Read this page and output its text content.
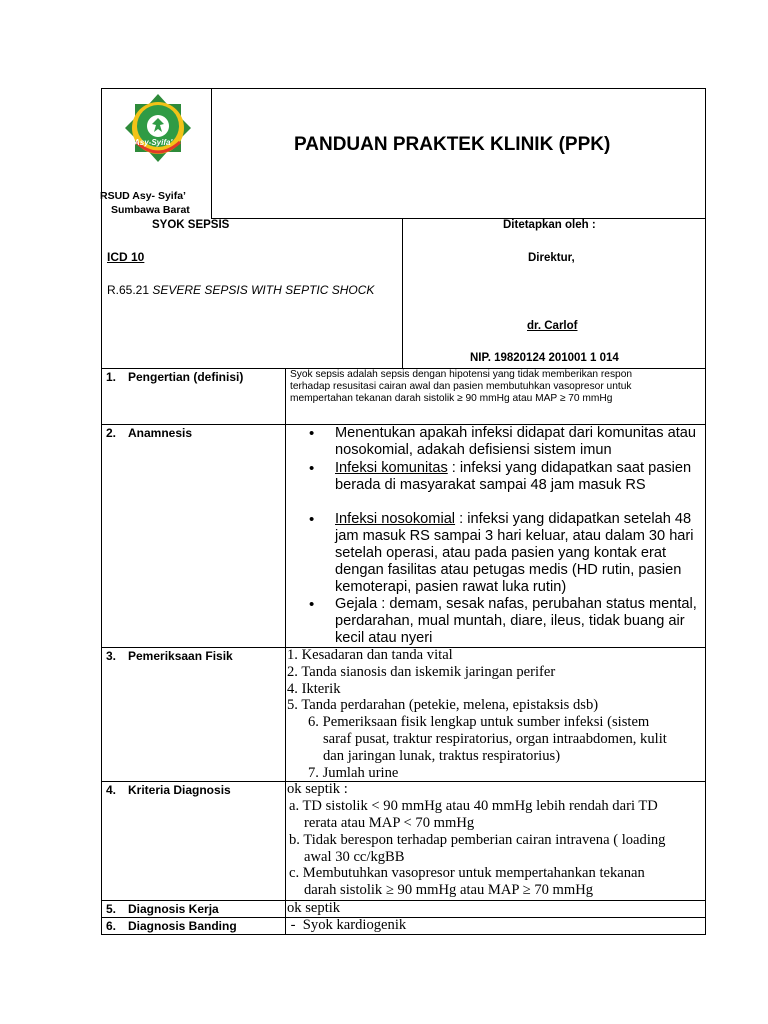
Asy-Syifa'
RSUD Asy- Syifa’
Sumbawa Barat
PANDUAN PRAKTEK KLINIK (PPK)
SYOK SEPSIS
ICD 10
R.65.21 SEVERE SEPSIS WITH SEPTIC SHOCK
Ditetapkan oleh :
Direktur,
dr. Carlof
NIP. 19820124 201001 1 014
1. Pengertian (definisi)	Syok sepsis adalah sepsis dengan hipotensi yang tidak memberikan respon
terhadap resusitasi cairan awal dan pasien membutuhkan vasopresor untuk
mempertahan tekanan darah sistolik ≥ 90 mmHg atau MAP ≥ 70 mmHg
2. Anamnesis	• Menentukan apakah infeksi didapat dari komunitas atau nosokomial, adakah defisiensi sistem imun
• Infeksi komunitas : infeksi yang didapatkan saat pasien berada di masyarakat sampai 48 jam masuk RS
• Infeksi nosokomial : infeksi yang didapatkan setelah 48 jam masuk RS sampai 3 hari keluar, atau dalam 30 hari setelah operasi, atau pada pasien yang kontak erat dengan fasilitas atau petugas medis (HD rutin, pasien kemoterapi, pasien rawat luka rutin)
• Gejala : demam, sesak nafas, perubahan status mental, perdarahan, mual muntah, diare, ileus, tidak buang air kecil atau nyeri
3. Pemeriksaan Fisik	1. Kesadaran dan tanda vital
2. Tanda sianosis dan iskemik jaringan perifer
4. Ikterik
5. Tanda perdarahan (petekie, melena, epistaksis dsb)
6. Pemeriksaan fisik lengkap untuk sumber infeksi (sistem
saraf pusat, traktur respiratorius, organ intraabdomen, kulit
dan jaringan lunak, traktus respiratorius)
7. Jumlah urine
4. Kriteria Diagnosis	ok septik :
a. TD sistolik < 90 mmHg atau 40 mmHg lebih rendah dari TD
rerata atau MAP < 70 mmHg
b. Tidak berespon terhadap pemberian cairan intravena ( loading
awal 30 cc/kgBB
c. Membutuhkan vasopresor untuk mempertahankan tekanan
darah sistolik ≥ 90 mmHg atau MAP ≥ 70 mmHg
5. Diagnosis Kerja	ok septik
6. Diagnosis Banding	-  Syok kardiogenik
